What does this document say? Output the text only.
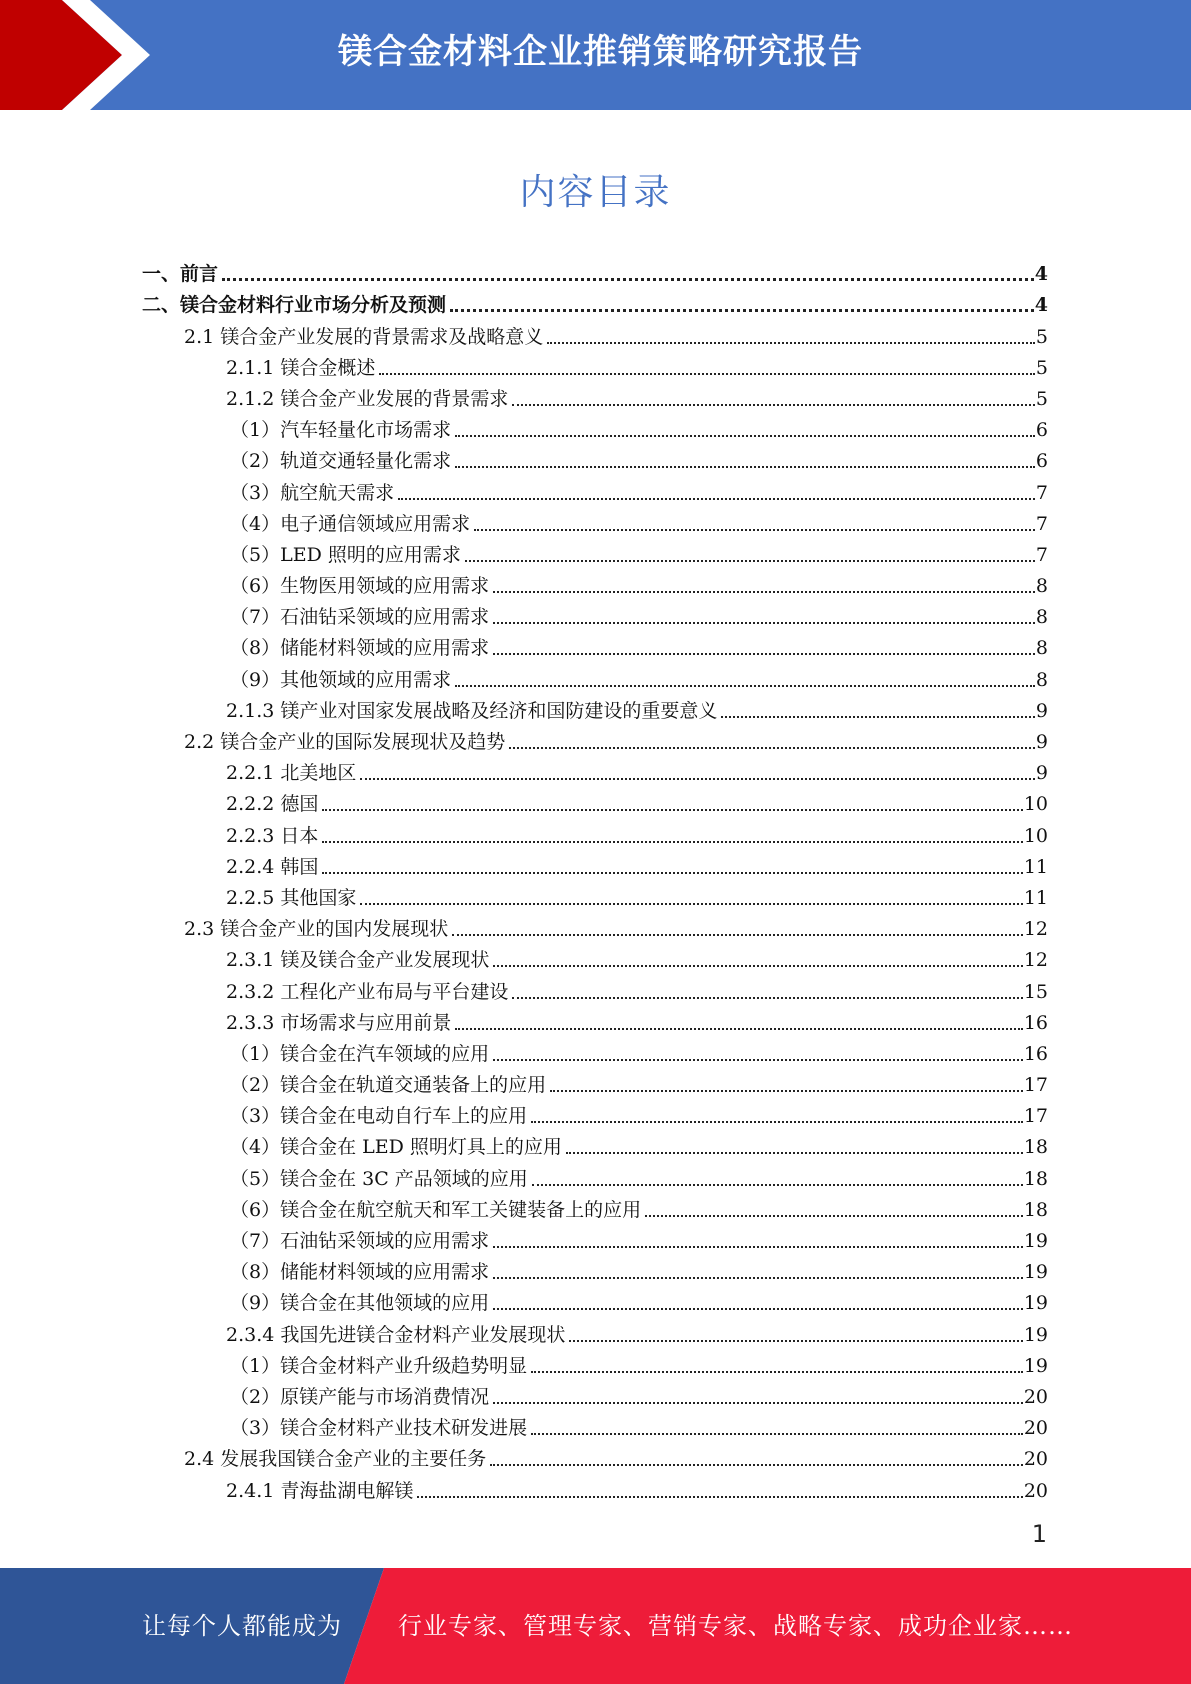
镁合金材料企业推销策略研究报告
内容目录
一、前言	4
二、镁合金材料行业市场分析及预测	4
2.1 镁合金产业发展的背景需求及战略意义	5
2.1.1 镁合金概述	5
2.1.2 镁合金产业发展的背景需求	5
（1）汽车轻量化市场需求	6
（2）轨道交通轻量化需求	6
（3）航空航天需求	7
（4）电子通信领域应用需求	7
（5）LED 照明的应用需求	7
（6）生物医用领域的应用需求	8
（7）石油钻采领域的应用需求	8
（8）储能材料领域的应用需求	8
（9）其他领域的应用需求	8
2.1.3 镁产业对国家发展战略及经济和国防建设的重要意义	9
2.2 镁合金产业的国际发展现状及趋势	9
2.2.1 北美地区	9
2.2.2 德国	10
2.2.3 日本	10
2.2.4 韩国	11
2.2.5 其他国家	11
2.3 镁合金产业的国内发展现状	12
2.3.1 镁及镁合金产业发展现状	12
2.3.2 工程化产业布局与平台建设	15
2.3.3 市场需求与应用前景	16
（1）镁合金在汽车领域的应用	16
（2）镁合金在轨道交通装备上的应用	17
（3）镁合金在电动自行车上的应用	17
（4）镁合金在 LED 照明灯具上的应用	18
（5）镁合金在 3C 产品领域的应用	18
（6）镁合金在航空航天和军工关键装备上的应用	18
（7）石油钻采领域的应用需求	19
（8）储能材料领域的应用需求	19
（9）镁合金在其他领域的应用	19
2.3.4 我国先进镁合金材料产业发展现状	19
（1）镁合金材料产业升级趋势明显	19
（2）原镁产能与市场消费情况	20
（3）镁合金材料产业技术研发进展	20
2.4 发展我国镁合金产业的主要任务	20
2.4.1 青海盐湖电解镁	20
1
让每个人都能成为 行业专家、管理专家、营销专家、战略专家、成功企业家……
